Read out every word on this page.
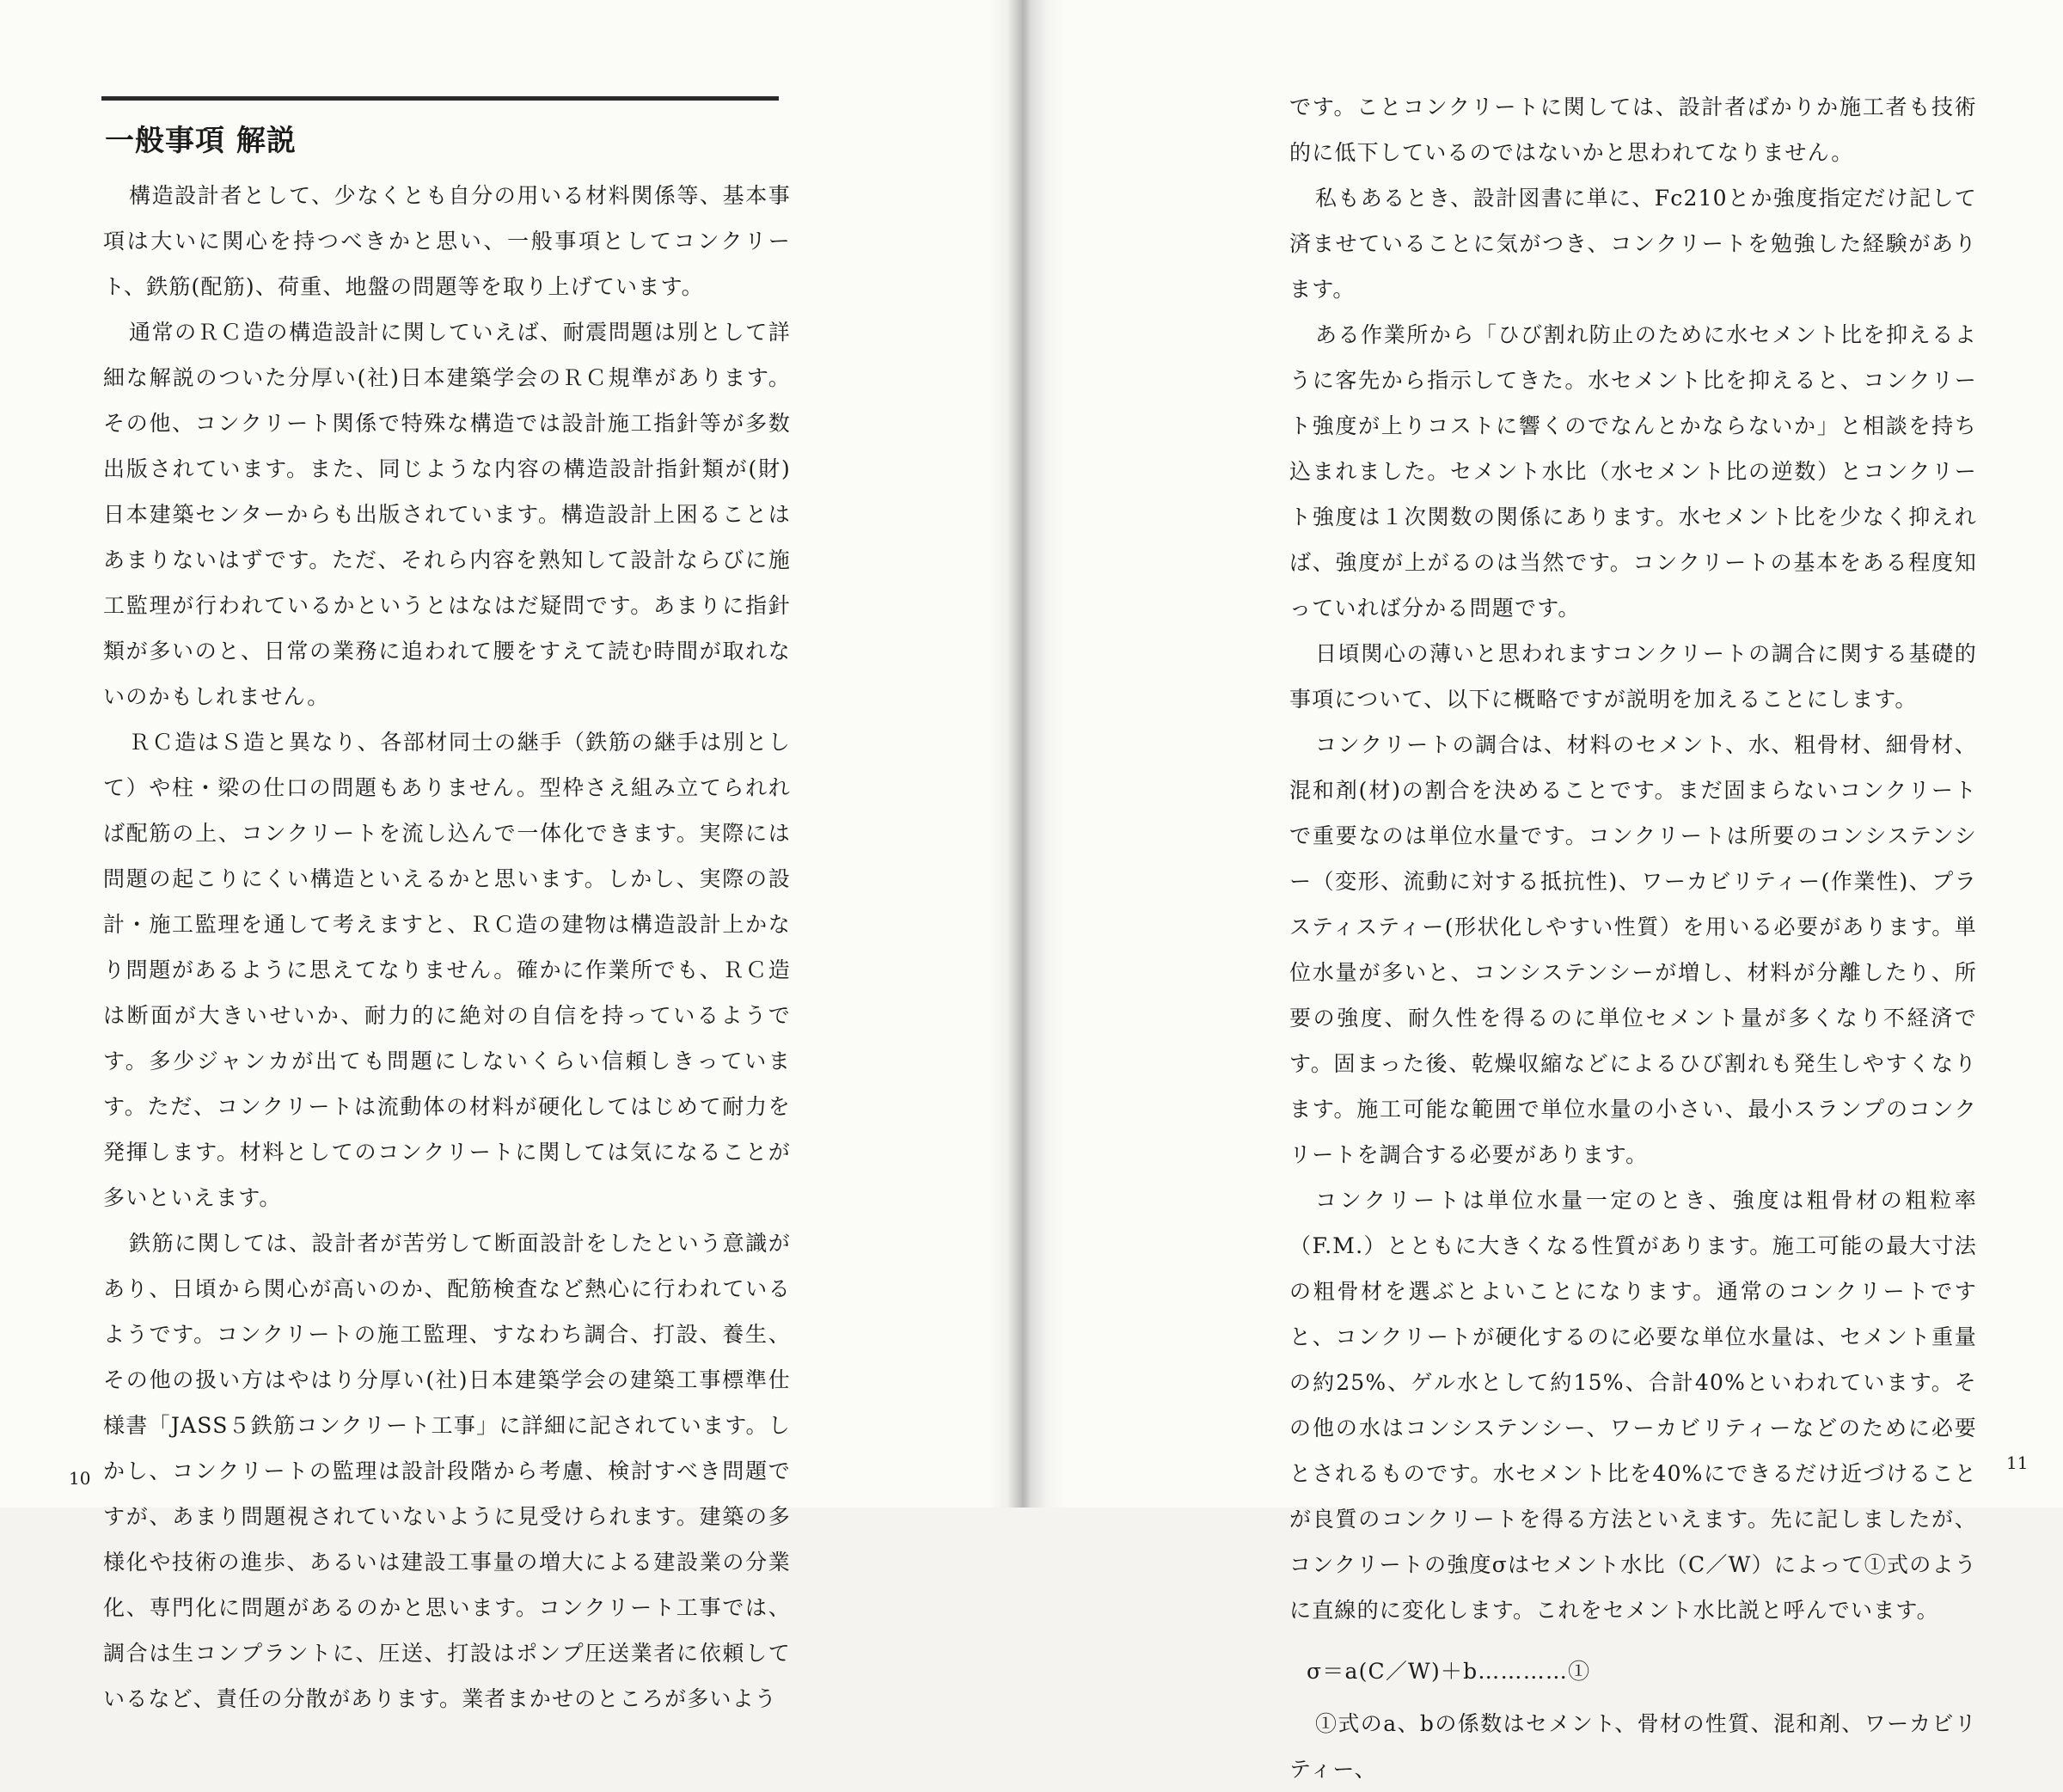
一般事項 解説

構造設計者として、少なくとも自分の用いる材料関係等、基本事項は大いに関心を持つべきかと思い、一般事項としてコンクリート、鉄筋(配筋)、荷重、地盤の問題等を取り上げています。

通常のＲＣ造の構造設計に関していえば、耐震問題は別として詳細な解説のついた分厚い(社)日本建築学会のＲＣ規準があります。その他、コンクリート関係で特殊な構造では設計施工指針等が多数出版されています。また、同じような内容の構造設計指針類が(財)日本建築センターからも出版されています。構造設計上困ることはあまりないはずです。ただ、それら内容を熟知して設計ならびに施工監理が行われているかというとはなはだ疑問です。あまりに指針類が多いのと、日常の業務に追われて腰をすえて読む時間が取れないのかもしれません。

ＲＣ造はＳ造と異なり、各部材同士の継手（鉄筋の継手は別として）や柱・梁の仕口の問題もありません。型枠さえ組み立てられれば配筋の上、コンクリートを流し込んで一体化できます。実際には問題の起こりにくい構造といえるかと思います。しかし、実際の設計・施工監理を通して考えますと、ＲＣ造の建物は構造設計上かなり問題があるように思えてなりません。確かに作業所でも、ＲＣ造は断面が大きいせいか、耐力的に絶対の自信を持っているようです。多少ジャンカが出ても問題にしないくらい信頼しきっています。ただ、コンクリートは流動体の材料が硬化してはじめて耐力を発揮します。材料としてのコンクリートに関しては気になることが多いといえます。

鉄筋に関しては、設計者が苦労して断面設計をしたという意識があり、日頃から関心が高いのか、配筋検査など熱心に行われているようです。コンクリートの施工監理、すなわち調合、打設、養生、その他の扱い方はやはり分厚い(社)日本建築学会の建築工事標準仕様書「JASS５鉄筋コンクリート工事」に詳細に記されています。しかし、コンクリートの監理は設計段階から考慮、検討すべき問題ですが、あまり問題視されていないように見受けられます。建築の多様化や技術の進歩、あるいは建設工事量の増大による建設業の分業化、専門化に問題があるのかと思います。コンクリート工事では、調合は生コンプラントに、圧送、打設はポンプ圧送業者に依頼しているなど、責任の分散があります。業者まかせのところが多いよう

10

です。ことコンクリートに関しては、設計者ばかりか施工者も技術的に低下しているのではないかと思われてなりません。

私もあるとき、設計図書に単に、Fc210とか強度指定だけ記して済ませていることに気がつき、コンクリートを勉強した経験があります。

ある作業所から「ひび割れ防止のために水セメント比を抑えるように客先から指示してきた。水セメント比を抑えると、コンクリート強度が上りコストに響くのでなんとかならないか」と相談を持ち込まれました。セメント水比（水セメント比の逆数）とコンクリート強度は１次関数の関係にあります。水セメント比を少なく抑えれば、強度が上がるのは当然です。コンクリートの基本をある程度知っていれば分かる問題です。

日頃関心の薄いと思われますコンクリートの調合に関する基礎的事項について、以下に概略ですが説明を加えることにします。

コンクリートの調合は、材料のセメント、水、粗骨材、細骨材、混和剤(材)の割合を決めることです。まだ固まらないコンクリートで重要なのは単位水量です。コンクリートは所要のコンシステンシー（変形、流動に対する抵抗性)、ワーカビリティー(作業性)、プラスティスティー(形状化しやすい性質）を用いる必要があります。単位水量が多いと、コンシステンシーが増し、材料が分離したり、所要の強度、耐久性を得るのに単位セメント量が多くなり不経済です。固まった後、乾燥収縮などによるひび割れも発生しやすくなります。施工可能な範囲で単位水量の小さい、最小スランプのコンクリートを調合する必要があります。

コンクリートは単位水量一定のとき、強度は粗骨材の粗粒率（F.M.）とともに大きくなる性質があります。施工可能の最大寸法の粗骨材を選ぶとよいことになります。通常のコンクリートですと、コンクリートが硬化するのに必要な単位水量は、セメント重量の約25%、ゲル水として約15%、合計40%といわれています。その他の水はコンシステンシー、ワーカビリティーなどのために必要とされるものです。水セメント比を40%にできるだけ近づけることが良質のコンクリートを得る方法といえます。先に記しましたが、コンクリートの強度σはセメント水比（C／W）によって①式のように直線的に変化します。これをセメント水比説と呼んでいます。

σ＝a(C／W)＋b…………①

①式のa、bの係数はセメント、骨材の性質、混和剤、ワーカビリティー、

11
